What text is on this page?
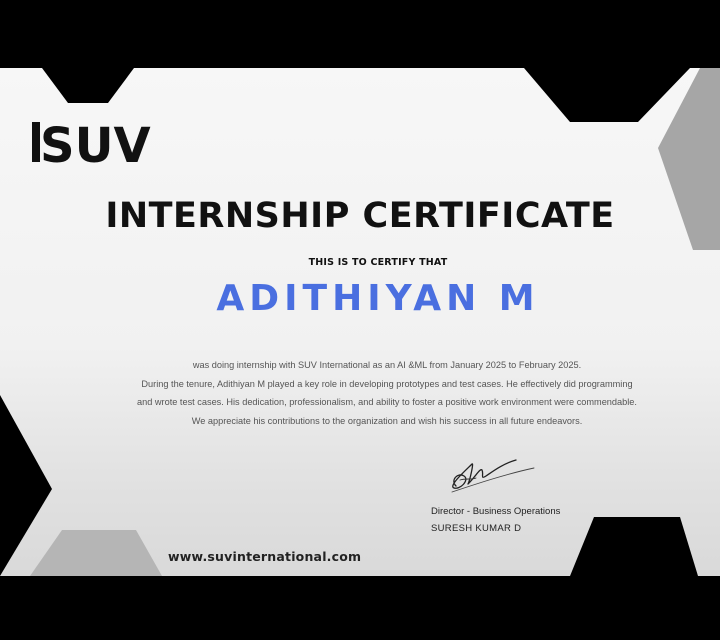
SUV
INTERNSHIP CERTIFICATE
THIS IS TO CERTIFY THAT
ADITHIYAN M
was doing internship with SUV International as an AI &ML from January 2025 to February 2025.
During the tenure, Adithiyan M played a key role in developing prototypes and test cases. He effectively did programming
and wrote test cases. His dedication, professionalism, and ability to foster a positive work environment were commendable.
We appreciate his contributions to the organization and wish his success in all future endeavors.
Director - Business Operations
SURESH KUMAR D
www.suvinternational.com
